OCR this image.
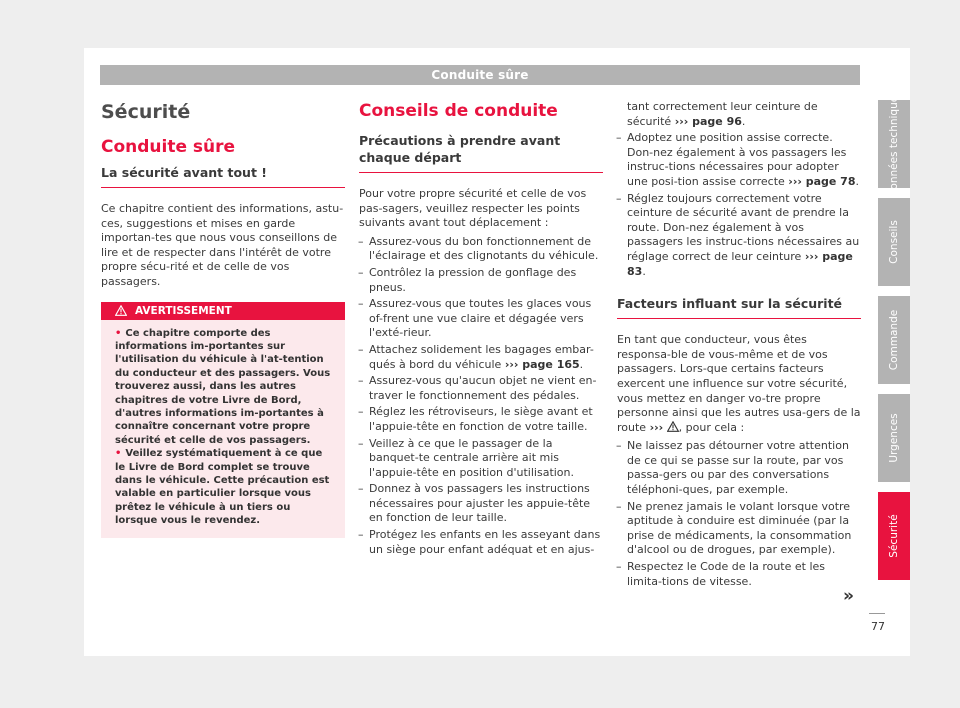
Conduite sûre
Sécurité
Conduite sûre
La sécurité avant tout !

Ce chapitre contient des informations, astu-ces, suggestions et mises en garde importan-tes que nous vous conseillons de lire et de respecter dans l'intérêt de votre propre sécu-rité et de celle de vos passagers.

AVERTISSEMENT
• Ce chapitre comporte des informations im-portantes sur l'utilisation du véhicule à l'at-tention du conducteur et des passagers. Vous trouverez aussi, dans les autres chapitres de votre Livre de Bord, d'autres informations im-portantes à connaître concernant votre propre sécurité et celle de vos passagers.
• Veillez systématiquement à ce que le Livre de Bord complet se trouve dans le véhicule. Cette précaution est valable en particulier lorsque vous prêtez le véhicule à un tiers ou lorsque vous le revendez.
Conseils de conduite
Précautions à prendre avant chaque départ

Pour votre propre sécurité et celle de vos pas-sagers, veuillez respecter les points suivants avant tout déplacement :

– Assurez-vous du bon fonctionnement de l'éclairage et des clignotants du véhicule.
– Contrôlez la pression de gonflage des pneus.
– Assurez-vous que toutes les glaces vous of-frent une vue claire et dégagée vers l'exté-rieur.
– Attachez solidement les bagages embar-qués à bord du véhicule ››› page 165.
– Assurez-vous qu'aucun objet ne vient en-traver le fonctionnement des pédales.
– Réglez les rétroviseurs, le siège avant et l'appuie-tête en fonction de votre taille.
– Veillez à ce que le passager de la banquet-te centrale arrière ait mis l'appuie-tête en position d'utilisation.
– Donnez à vos passagers les instructions nécessaires pour ajuster les appuie-tête en fonction de leur taille.
– Protégez les enfants en les asseyant dans un siège pour enfant adéquat et en ajus-

tant correctement leur ceinture de sécurité ››› page 96.

– Adoptez une position assise correcte. Don-nez également à vos passagers les instruc-tions nécessaires pour adopter une posi-tion assise correcte ››› page 78.
– Réglez toujours correctement votre ceinture de sécurité avant de prendre la route. Don-nez également à vos passagers les instruc-tions nécessaires au réglage correct de leur ceinture ››› page 83.
Facteurs influant sur la sécurité

En tant que conducteur, vous êtes responsa-ble de vous-même et de vos passagers. Lors-que certains facteurs exercent une influence sur votre sécurité, vous mettez en danger vo-tre propre personne ainsi que les autres usa-gers de la route ››› , pour cela :

– Ne laissez pas détourner votre attention de ce qui se passe sur la route, par vos passa-gers ou par des conversations téléphoni-ques, par exemple.
– Ne prenez jamais le volant lorsque votre aptitude à conduire est diminuée (par la prise de médicaments, la consommation d'alcool ou de drogues, par exemple).
– Respectez le Code de la route et les limita-tions de vitesse.
Données techniques
Conseils
Commande
Urgences
Sécurité
»
77
